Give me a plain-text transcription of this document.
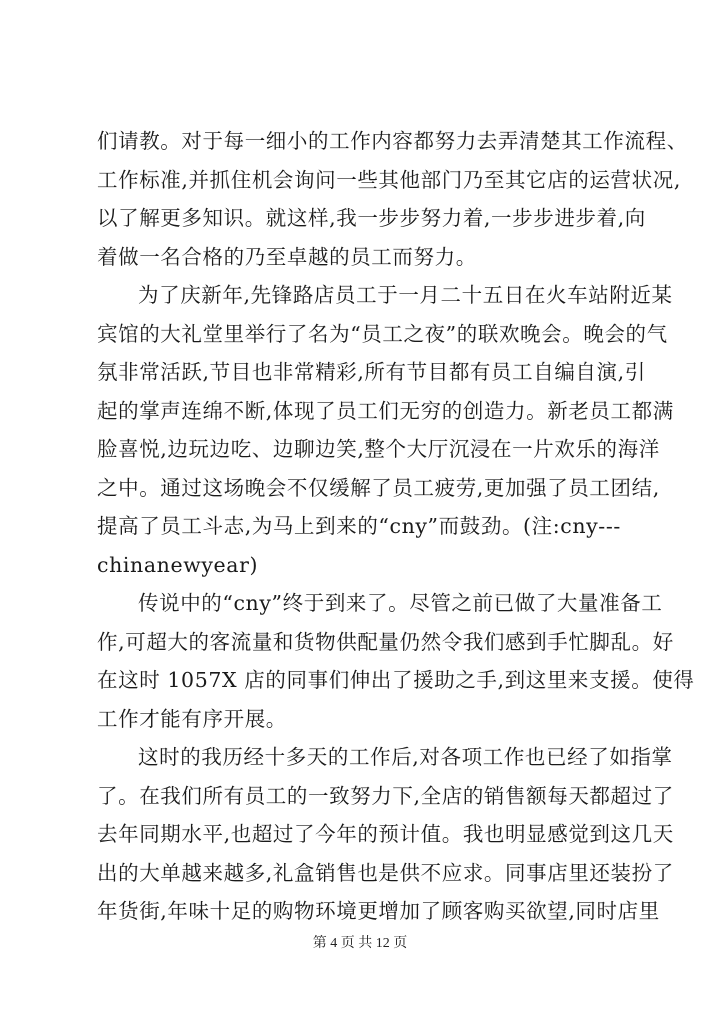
们请教。对于每一细小的工作内容都努力去弄清楚其工作流程、
工作标准,并抓住机会询问一些其他部门乃至其它店的运营状况,
以了解更多知识。就这样,我一步步努力着,一步步进步着,向
着做一名合格的乃至卓越的员工而努力。
为了庆新年,先锋路店员工于一月二十五日在火车站附近某
宾馆的大礼堂里举行了名为“员工之夜”的联欢晚会。晚会的气
氛非常活跃,节目也非常精彩,所有节目都有员工自编自演,引
起的掌声连绵不断,体现了员工们无穷的创造力。新老员工都满
脸喜悦,边玩边吃、边聊边笑,整个大厅沉浸在一片欢乐的海洋
之中。通过这场晚会不仅缓解了员工疲劳,更加强了员工团结,
提高了员工斗志,为马上到来的“cny”而鼓劲。(注:cny---
chinanewyear)
传说中的“cny”终于到来了。尽管之前已做了大量准备工
作,可超大的客流量和货物供配量仍然令我们感到手忙脚乱。好
在这时 1057X 店的同事们伸出了援助之手,到这里来支援。使得
工作才能有序开展。
这时的我历经十多天的工作后,对各项工作也已经了如指掌
了。在我们所有员工的一致努力下,全店的销售额每天都超过了
去年同期水平,也超过了今年的预计值。我也明显感觉到这几天
出的大单越来越多,礼盒销售也是供不应求。同事店里还装扮了
年货街,年味十足的购物环境更增加了顾客购买欲望,同时店里
第 4 页 共 12 页
